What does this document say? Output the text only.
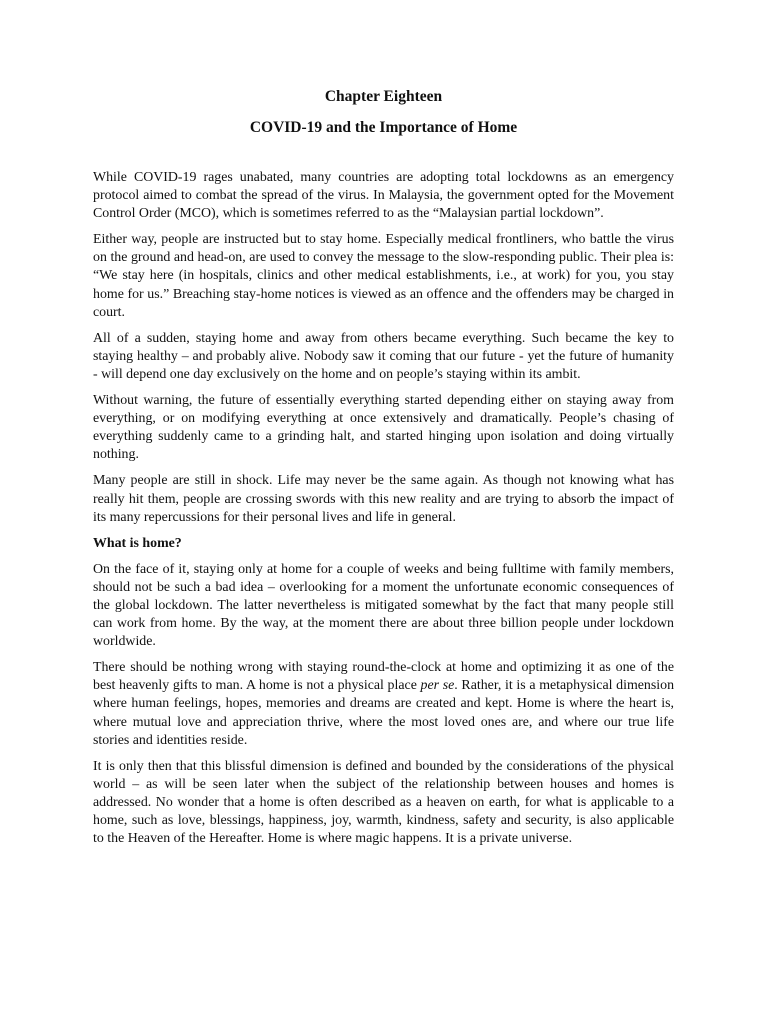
Chapter Eighteen
COVID-19 and the Importance of Home

While COVID-19 rages unabated, many countries are adopting total lockdowns as an emergency protocol aimed to combat the spread of the virus. In Malaysia, the government opted for the Movement Control Order (MCO), which is sometimes referred to as the “Malaysian partial lockdown”.

Either way, people are instructed but to stay home. Especially medical frontliners, who battle the virus on the ground and head-on, are used to convey the message to the slow-responding public. Their plea is: “We stay here (in hospitals, clinics and other medical establishments, i.e., at work) for you, you stay home for us.” Breaching stay-home notices is viewed as an offence and the offenders may be charged in court.

All of a sudden, staying home and away from others became everything. Such became the key to staying healthy – and probably alive. Nobody saw it coming that our future - yet the future of humanity - will depend one day exclusively on the home and on people’s staying within its ambit.

Without warning, the future of essentially everything started depending either on staying away from everything, or on modifying everything at once extensively and dramatically. People’s chasing of everything suddenly came to a grinding halt, and started hinging upon isolation and doing virtually nothing.

Many people are still in shock. Life may never be the same again. As though not knowing what has really hit them, people are crossing swords with this new reality and are trying to absorb the impact of its many repercussions for their personal lives and life in general.

What is home?

On the face of it, staying only at home for a couple of weeks and being fulltime with family members, should not be such a bad idea – overlooking for a moment the unfortunate economic consequences of the global lockdown. The latter nevertheless is mitigated somewhat by the fact that many people still can work from home. By the way, at the moment there are about three billion people under lockdown worldwide.

There should be nothing wrong with staying round-the-clock at home and optimizing it as one of the best heavenly gifts to man. A home is not a physical place per se. Rather, it is a metaphysical dimension where human feelings, hopes, memories and dreams are created and kept. Home is where the heart is, where mutual love and appreciation thrive, where the most loved ones are, and where our true life stories and identities reside.

It is only then that this blissful dimension is defined and bounded by the considerations of the physical world – as will be seen later when the subject of the relationship between houses and homes is addressed. No wonder that a home is often described as a heaven on earth, for what is applicable to a home, such as love, blessings, happiness, joy, warmth, kindness, safety and security, is also applicable to the Heaven of the Hereafter. Home is where magic happens. It is a private universe.
